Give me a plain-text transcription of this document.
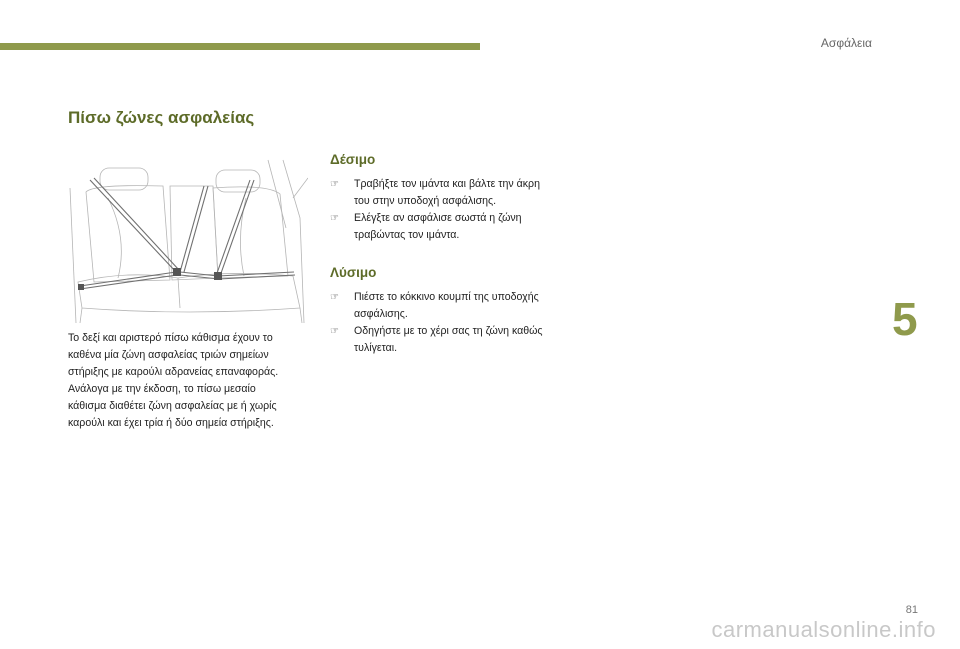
Ασφάλεια
Πίσω ζώνες ασφαλείας
Το δεξί και αριστερό πίσω κάθισμα έχουν το
καθένα μία ζώνη ασφαλείας τριών σημείων
στήριξης με καρούλι αδρανείας επαναφοράς.
Ανάλογα με την έκδοση, το πίσω μεσαίο
κάθισμα διαθέτει ζώνη ασφαλείας με ή χωρίς
καρούλι και έχει τρία ή δύο σημεία στήριξης.
Δέσιμο
☞ Τραβήξτε τον ιμάντα και βάλτε την άκρη
του στην υποδοχή ασφάλισης.
☞ Ελέγξτε αν ασφάλισε σωστά η ζώνη
τραβώντας τον ιμάντα.
Λύσιμο
☞ Πιέστε το κόκκινο κουμπί της υποδοχής
ασφάλισης.
☞ Οδηγήστε με το χέρι σας τη ζώνη καθώς
τυλίγεται.
5
81
carmanualsonline.info
